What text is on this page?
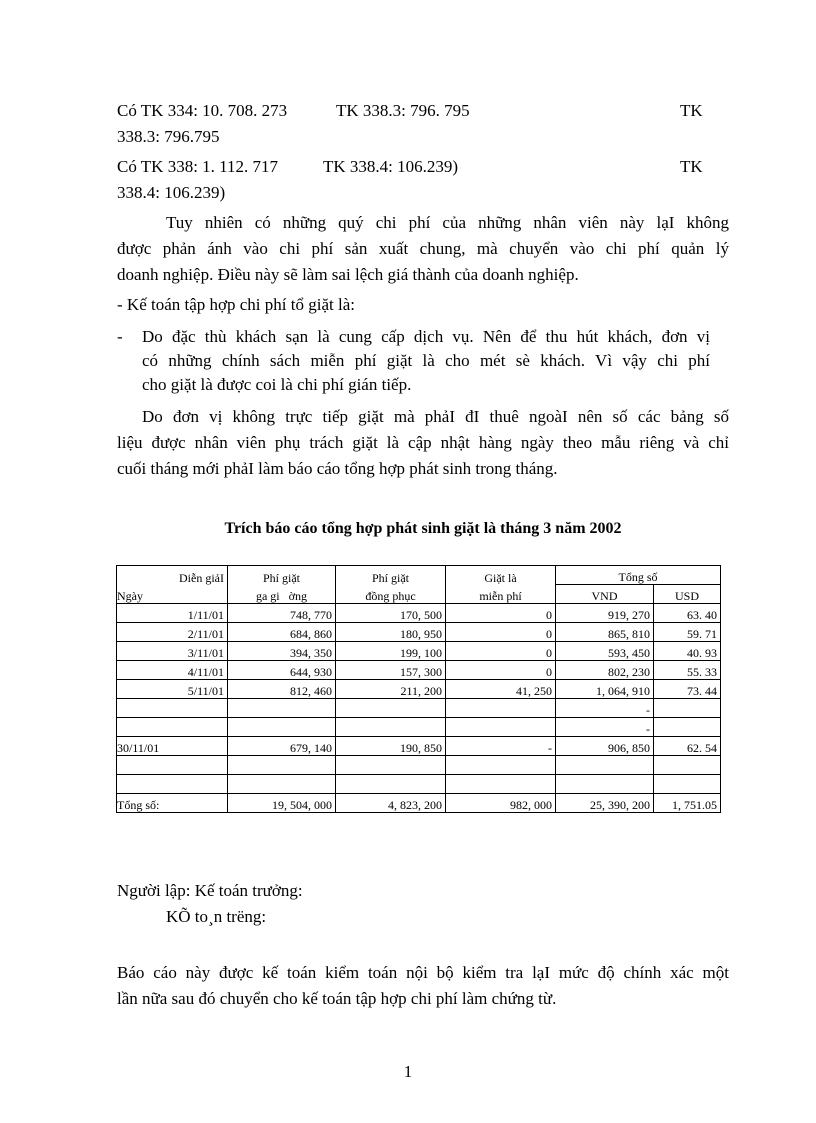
Có TK 334: 10. 708. 273	TK 338.3: 796. 795	TK
338.3: 796.795
Có TK 338: 1. 112. 717	TK 338.4: 106.239)	TK
338.4: 106.239)
Tuy nhiên có những quý chi phí của những nhân viên này lạI không
được phản ánh vào chi phí sản xuất chung, mà chuyển vào chi phí quản lý
doanh nghiệp. Điều này sẽ làm sai lệch giá thành của doanh nghiệp.
- Kế toán tập hợp chi phí tổ giặt là:
- Do đặc thù khách sạn là cung cấp dịch vụ. Nên để thu hút khách, đơn vị
có những chính sách miễn phí giặt là cho mét sè khách. Vì vậy chi phí
cho giặt là được coi là chi phí gián tiếp.
Do đơn vị không trực tiếp giặt mà phảI đI thuê ngoàI nên số các bảng số
liệu được nhân viên phụ trách giặt là cập nhật hàng ngày theo mẫu riêng và chỉ
cuối tháng mới phảI làm báo cáo tổng hợp phát sinh trong tháng.
Trích báo cáo tổng hợp phát sinh giặt là tháng 3 năm 2002
Diễn giảI	Phí giặt	Phí giặt	Giặt là	Tổng số	
Ngày	ga gi   ờng	đồng phục	miễn phí	VND	USD
1/11/01	748, 770	170, 500	0	919, 270	63. 40
2/11/01	684, 860	180, 950	0	865, 810	59. 71
3/11/01	394, 350	199, 100	0	593, 450	40. 93
4/11/01	644, 930	157, 300	0	802, 230	55. 33
5/11/01	812, 460	211, 200	41, 250	1, 064, 910	73. 44
				-	
				-	
30/11/01	679, 140	190, 850	-	906, 850	62. 54

Tổng số:	19, 504, 000	4, 823, 200	982, 000	25, 390, 200	1, 751.05
Người lập: Kế toán trưởng:
KÕ to¸n trëng:
Báo cáo này được kế toán kiểm toán nội bộ kiểm tra lạI mức độ chính xác một
lần nữa sau đó chuyển cho kế toán tập hợp chi phí làm chứng từ.
1
